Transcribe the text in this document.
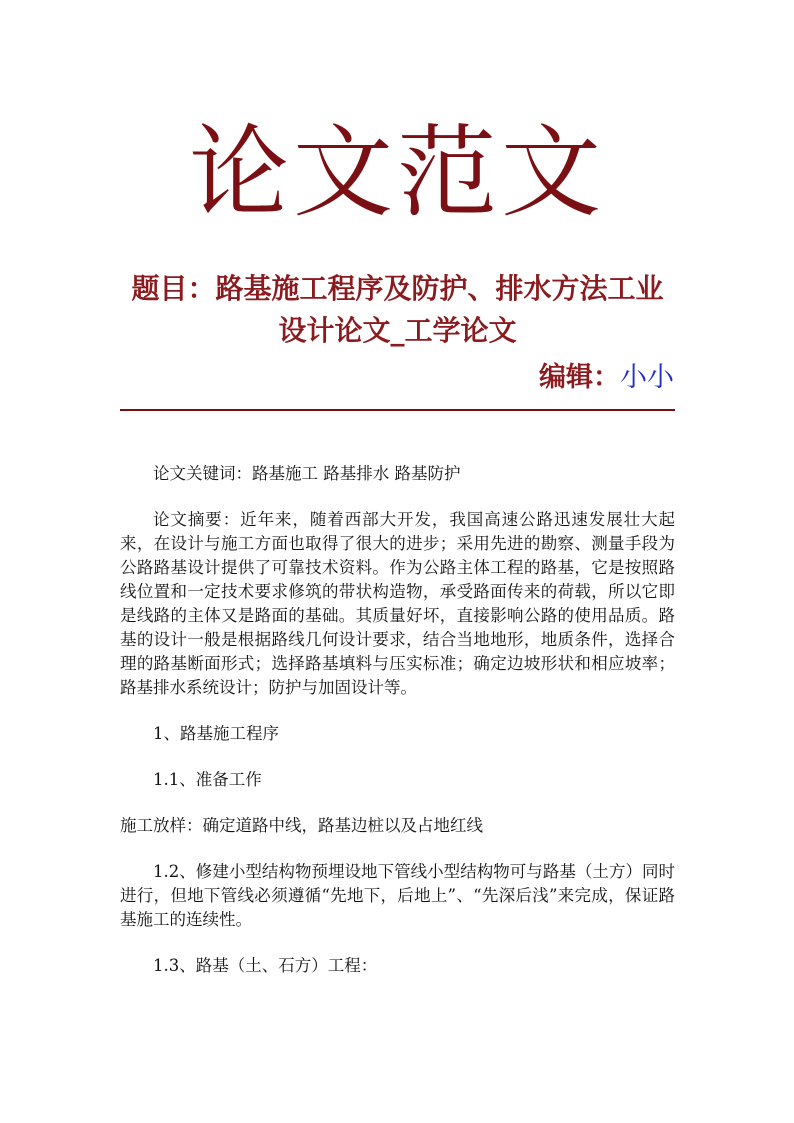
论文范文
题目：路基施工程序及防护、排水方法工业设计论文_工学论文
编辑：小小

论文关键词：路基施工 路基排水 路基防护

论文摘要：近年来，随着西部大开发，我国高速公路迅速发展壮大起来，在设计与施工方面也取得了很大的进步；采用先进的勘察、测量手段为公路路基设计提供了可靠技术资料。作为公路主体工程的路基，它是按照路线位置和一定技术要求修筑的带状构造物，承受路面传来的荷载，所以它即是线路的主体又是路面的基础。其质量好坏，直接影响公路的使用品质。路基的设计一般是根据路线几何设计要求，结合当地地形，地质条件，选择合理的路基断面形式；选择路基填料与压实标准；确定边坡形状和相应坡率；路基排水系统设计；防护与加固设计等。

1、路基施工程序

1.1、准备工作

施工放样：确定道路中线，路基边桩以及占地红线

1.2、修建小型结构物预埋设地下管线小型结构物可与路基（土方）同时进行，但地下管线必须遵循“先地下，后地上”、“先深后浅”来完成，保证路基施工的连续性。

1.3、路基（土、石方）工程：
